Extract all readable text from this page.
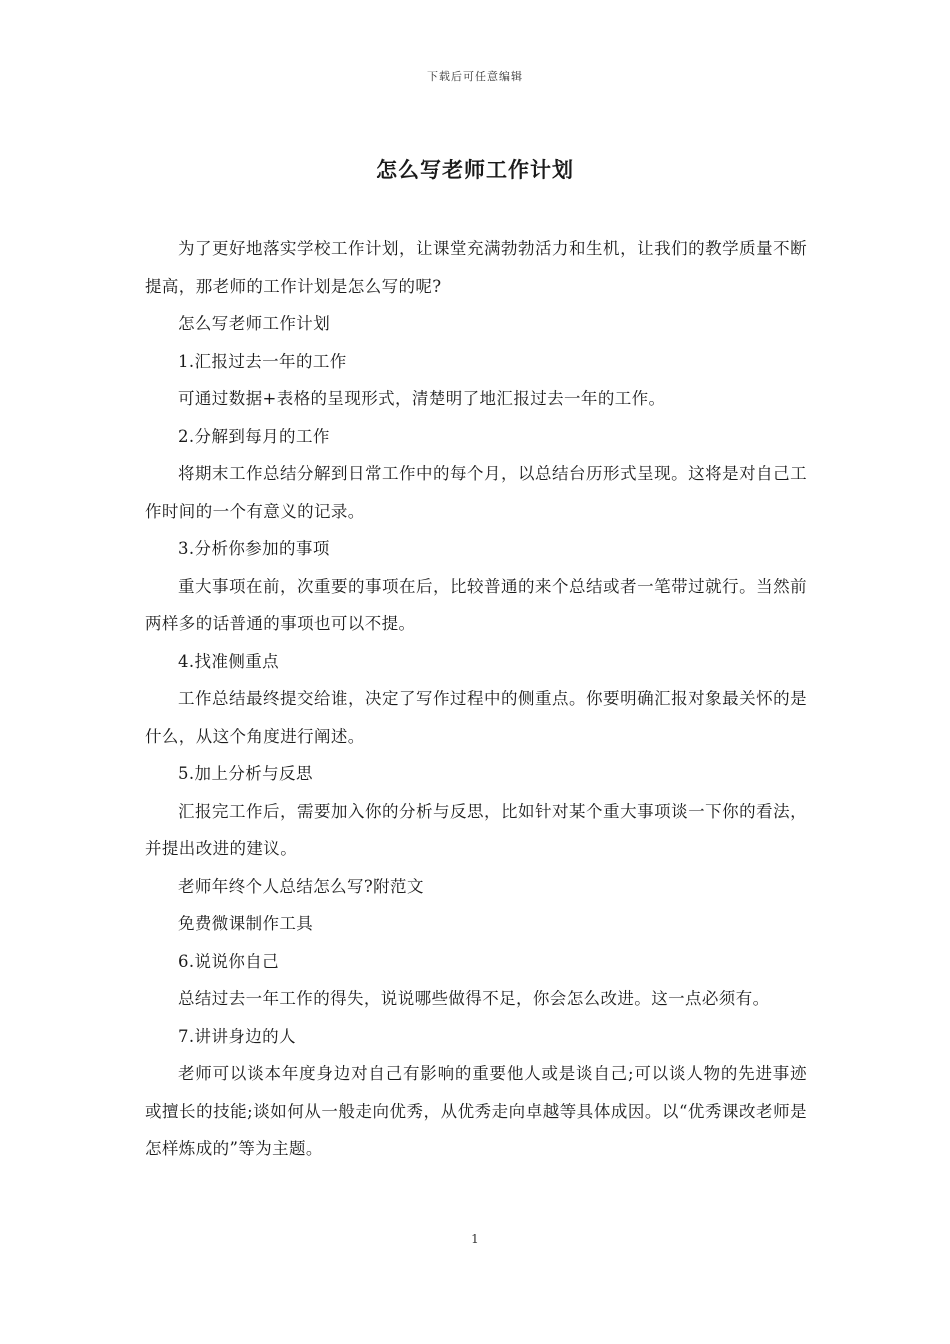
下载后可任意编辑
怎么写老师工作计划

为了更好地落实学校工作计划，让课堂充满勃勃活力和生机，让我们的教学质量不断提高，那老师的工作计划是怎么写的呢?

怎么写老师工作计划

1.汇报过去一年的工作

可通过数据+表格的呈现形式，清楚明了地汇报过去一年的工作。

2.分解到每月的工作

将期末工作总结分解到日常工作中的每个月，以总结台历形式呈现。这将是对自己工作时间的一个有意义的记录。

3.分析你参加的事项

重大事项在前，次重要的事项在后，比较普通的来个总结或者一笔带过就行。当然前两样多的话普通的事项也可以不提。

4.找准侧重点

工作总结最终提交给谁，决定了写作过程中的侧重点。你要明确汇报对象最关怀的是什么，从这个角度进行阐述。

5.加上分析与反思

汇报完工作后，需要加入你的分析与反思，比如针对某个重大事项谈一下你的看法，并提出改进的建议。

老师年终个人总结怎么写?附范文

免费微课制作工具

6.说说你自己

总结过去一年工作的得失，说说哪些做得不足，你会怎么改进。这一点必须有。

7.讲讲身边的人

老师可以谈本年度身边对自己有影响的重要他人或是谈自己;可以谈人物的先进事迹或擅长的技能;谈如何从一般走向优秀，从优秀走向卓越等具体成因。以“优秀课改老师是怎样炼成的”等为主题。

1
